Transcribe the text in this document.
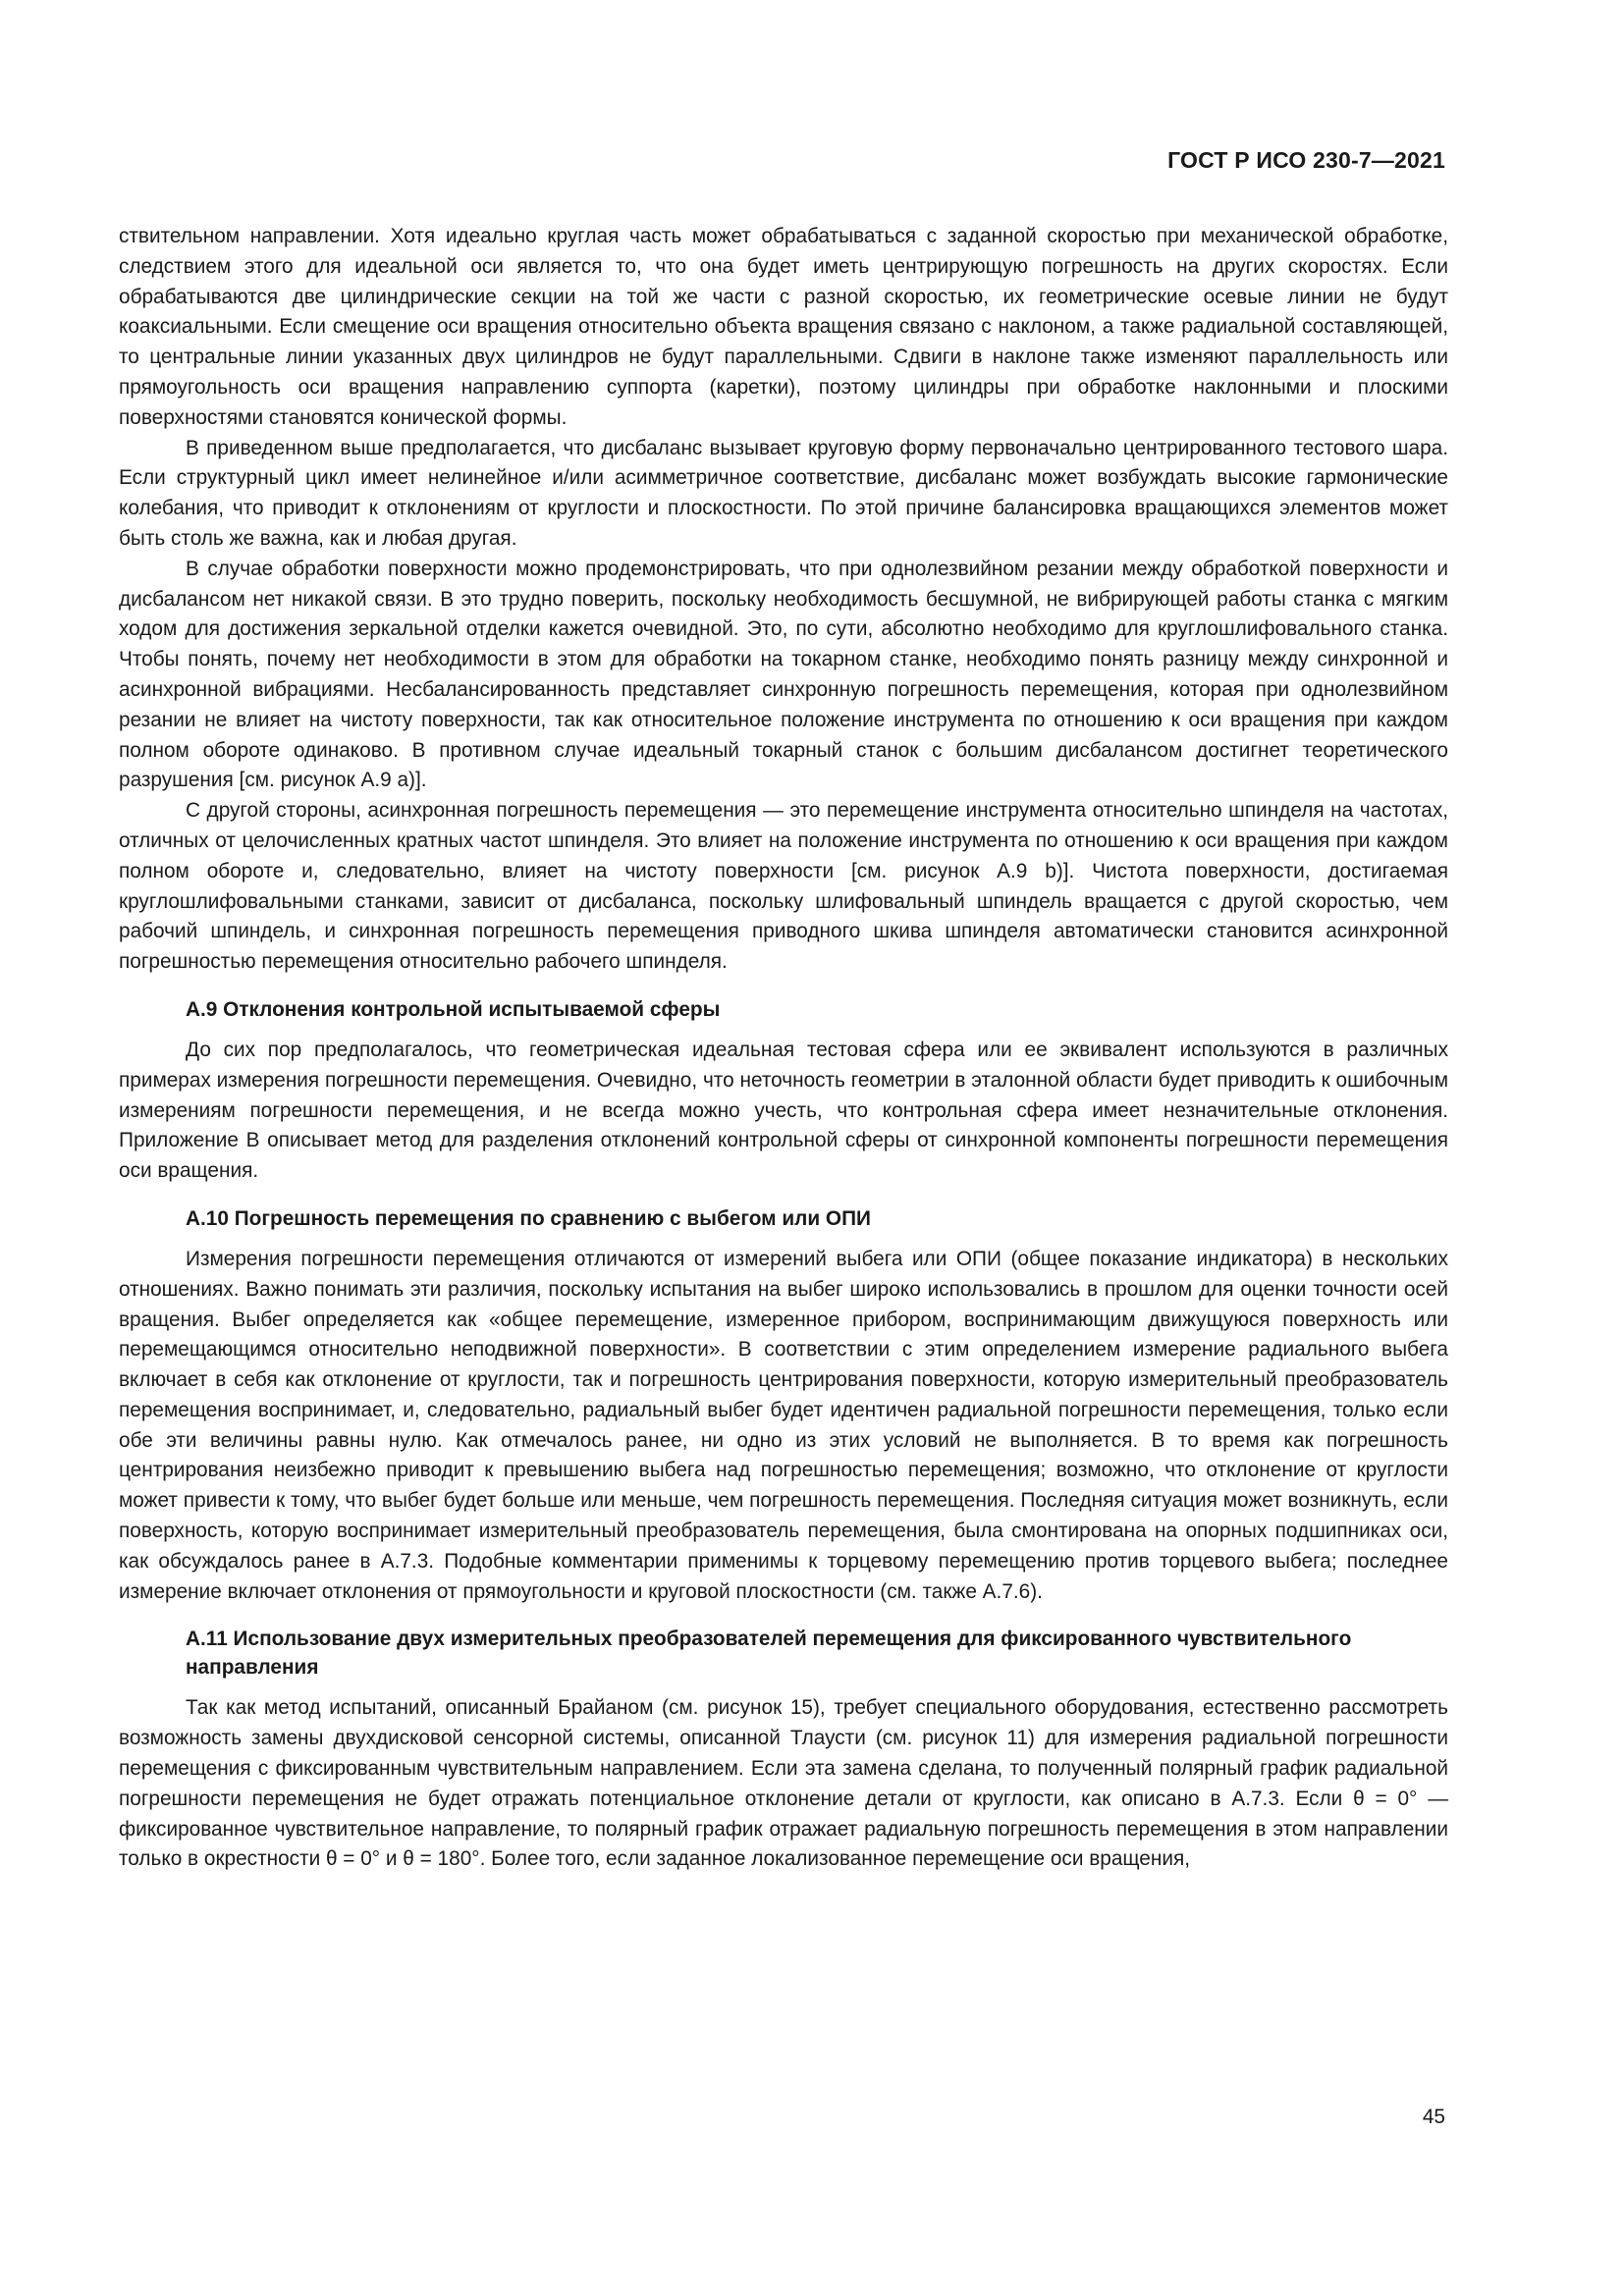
ГОСТ Р ИСО 230-7—2021

ствительном направлении. Хотя идеально круглая часть может обрабатываться с заданной скоростью при механической обработке, следствием этого для идеальной оси является то, что она будет иметь центрирующую погрешность на других скоростях. Если обрабатываются две цилиндрические секции на той же части с разной скоростью, их геометрические осевые линии не будут коаксиальными. Если смещение оси вращения относительно объекта вращения связано с наклоном, а также радиальной составляющей, то центральные линии указанных двух цилиндров не будут параллельными. Сдвиги в наклоне также изменяют параллельность или прямоугольность оси вращения направлению суппорта (каретки), поэтому цилиндры при обработке наклонными и плоскими поверхностями становятся конической формы.

В приведенном выше предполагается, что дисбаланс вызывает круговую форму первоначально центрированного тестового шара. Если структурный цикл имеет нелинейное и/или асимметричное соответствие, дисбаланс может возбуждать высокие гармонические колебания, что приводит к отклонениям от круглости и плоскостности. По этой причине балансировка вращающихся элементов может быть столь же важна, как и любая другая.

В случае обработки поверхности можно продемонстрировать, что при однолезвийном резании между обработкой поверхности и дисбалансом нет никакой связи. В это трудно поверить, поскольку необходимость бесшумной, не вибрирующей работы станка с мягким ходом для достижения зеркальной отделки кажется очевидной. Это, по сути, абсолютно необходимо для круглошлифовального станка. Чтобы понять, почему нет необходимости в этом для обработки на токарном станке, необходимо понять разницу между синхронной и асинхронной вибрациями. Несбалансированность представляет синхронную погрешность перемещения, которая при однолезвийном резании не влияет на чистоту поверхности, так как относительное положение инструмента по отношению к оси вращения при каждом полном обороте одинаково. В противном случае идеальный токарный станок с большим дисбалансом достигнет теоретического разрушения [см. рисунок А.9 а)].

С другой стороны, асинхронная погрешность перемещения — это перемещение инструмента относительно шпинделя на частотах, отличных от целочисленных кратных частот шпинделя. Это влияет на положение инструмента по отношению к оси вращения при каждом полном обороте и, следовательно, влияет на чистоту поверхности [см. рисунок А.9 b)]. Чистота поверхности, достигаемая круглошлифовальными станками, зависит от дисбаланса, поскольку шлифовальный шпиндель вращается с другой скоростью, чем рабочий шпиндель, и синхронная погрешность перемещения приводного шкива шпинделя автоматически становится асинхронной погрешностью перемещения относительно рабочего шпинделя.

А.9 Отклонения контрольной испытываемой сферы

До сих пор предполагалось, что геометрическая идеальная тестовая сфера или ее эквивалент используются в различных примерах измерения погрешности перемещения. Очевидно, что неточность геометрии в эталонной области будет приводить к ошибочным измерениям погрешности перемещения, и не всегда можно учесть, что контрольная сфера имеет незначительные отклонения. Приложение В описывает метод для разделения отклонений контрольной сферы от синхронной компоненты погрешности перемещения оси вращения.

А.10 Погрешность перемещения по сравнению с выбегом или ОПИ

Измерения погрешности перемещения отличаются от измерений выбега или ОПИ (общее показание индикатора) в нескольких отношениях. Важно понимать эти различия, поскольку испытания на выбег широко использовались в прошлом для оценки точности осей вращения. Выбег определяется как «общее перемещение, измеренное прибором, воспринимающим движущуюся поверхность или перемещающимся относительно неподвижной поверхности». В соответствии с этим определением измерение радиального выбега включает в себя как отклонение от круглости, так и погрешность центрирования поверхности, которую измерительный преобразователь перемещения воспринимает, и, следовательно, радиальный выбег будет идентичен радиальной погрешности перемещения, только если обе эти величины равны нулю. Как отмечалось ранее, ни одно из этих условий не выполняется. В то время как погрешность центрирования неизбежно приводит к превышению выбега над погрешностью перемещения; возможно, что отклонение от круглости может привести к тому, что выбег будет больше или меньше, чем погрешность перемещения. Последняя ситуация может возникнуть, если поверхность, которую воспринимает измерительный преобразователь перемещения, была смонтирована на опорных подшипниках оси, как обсуждалось ранее в А.7.3. Подобные комментарии применимы к торцевому перемещению против торцевого выбега; последнее измерение включает отклонения от прямоугольности и круговой плоскостности (см. также А.7.6).

А.11 Использование двух измерительных преобразователей перемещения для фиксированного чувствительного направления

Так как метод испытаний, описанный Брайаном (см. рисунок 15), требует специального оборудования, естественно рассмотреть возможность замены двухдисковой сенсорной системы, описанной Тлаусти (см. рисунок 11) для измерения радиальной погрешности перемещения с фиксированным чувствительным направлением. Если эта замена сделана, то полученный полярный график радиальной погрешности перемещения не будет отражать потенциальное отклонение детали от круглости, как описано в А.7.3. Если θ = 0° — фиксированное чувствительное направление, то полярный график отражает радиальную погрешность перемещения в этом направлении только в окрестности θ = 0° и θ = 180°. Более того, если заданное локализованное перемещение оси вращения,

45
